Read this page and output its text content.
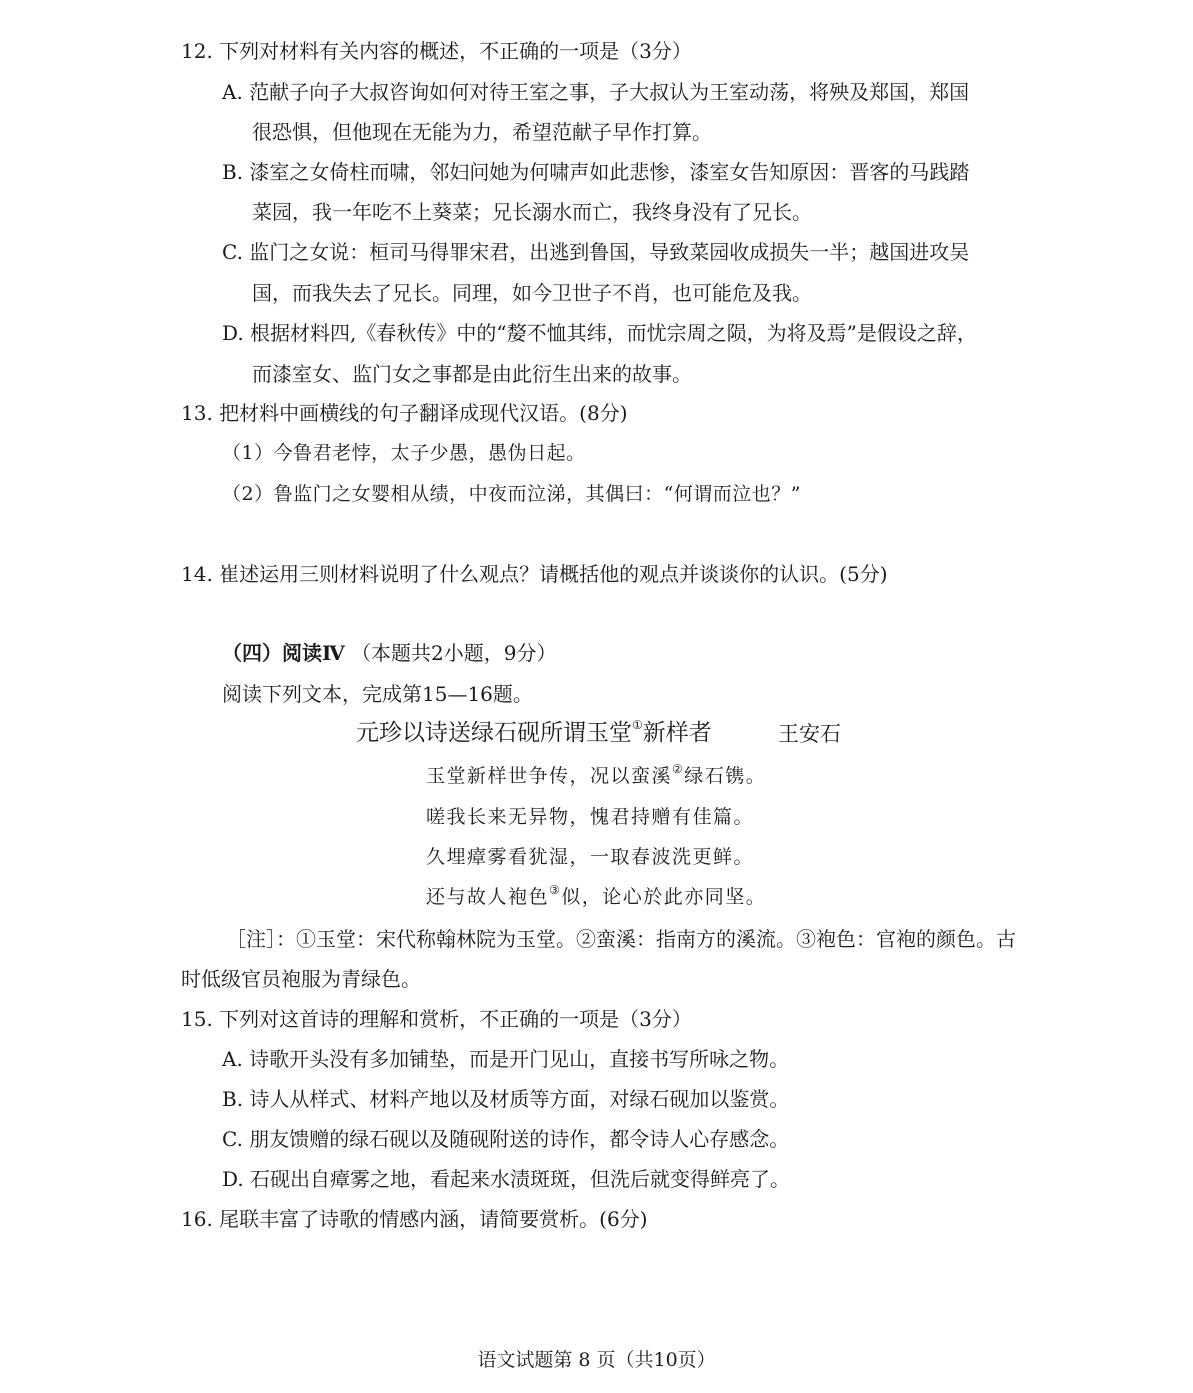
12. 下列对材料有关内容的概述，不正确的一项是（3分）
A. 范献子向子大叔咨询如何对待王室之事，子大叔认为王室动荡，将殃及郑国，郑国
很恐惧，但他现在无能为力，希望范献子早作打算。
B. 漆室之女倚柱而啸，邻妇问她为何啸声如此悲惨，漆室女告知原因：晋客的马践踏
菜园，我一年吃不上葵菜；兄长溺水而亡，我终身没有了兄长。
C. 监门之女说：桓司马得罪宋君，出逃到鲁国，导致菜园收成损失一半；越国进攻吴
国，而我失去了兄长。同理，如今卫世子不肖，也可能危及我。
D. 根据材料四,《春秋传》中的“嫠不恤其纬，而忧宗周之陨，为将及焉”是假设之辞，
而漆室女、监门女之事都是由此衍生出来的故事。
13. 把材料中画横线的句子翻译成现代汉语。(8分)
（1）今鲁君老悖，太子少愚，愚伪日起。
（2）鲁监门之女婴相从绩，中夜而泣涕，其偶曰：“何谓而泣也？”
14. 崔述运用三则材料说明了什么观点？请概括他的观点并谈谈你的认识。(5分)
（四）阅读Ⅳ （本题共2小题，9分）
阅读下列文本，完成第15—16题。
元珍以诗送绿石砚所谓玉堂①新样者	王安石
玉堂新样世争传，况以蛮溪②绿石镌。
嗟我长来无异物，愧君持赠有佳篇。
久埋瘴雾看犹湿，一取春波洗更鲜。
还与故人袍色③似，论心於此亦同坚。
［注］：①玉堂：宋代称翰林院为玉堂。②蛮溪：指南方的溪流。③袍色：官袍的颜色。古
时低级官员袍服为青绿色。
15. 下列对这首诗的理解和赏析，不正确的一项是（3分）
A. 诗歌开头没有多加铺垫，而是开门见山，直接书写所咏之物。
B. 诗人从样式、材料产地以及材质等方面，对绿石砚加以鉴赏。
C. 朋友馈赠的绿石砚以及随砚附送的诗作，都令诗人心存感念。
D. 石砚出自瘴雾之地，看起来水渍斑斑，但洗后就变得鲜亮了。
16. 尾联丰富了诗歌的情感内涵，请简要赏析。(6分)
语文试题第 8 页（共10页）
